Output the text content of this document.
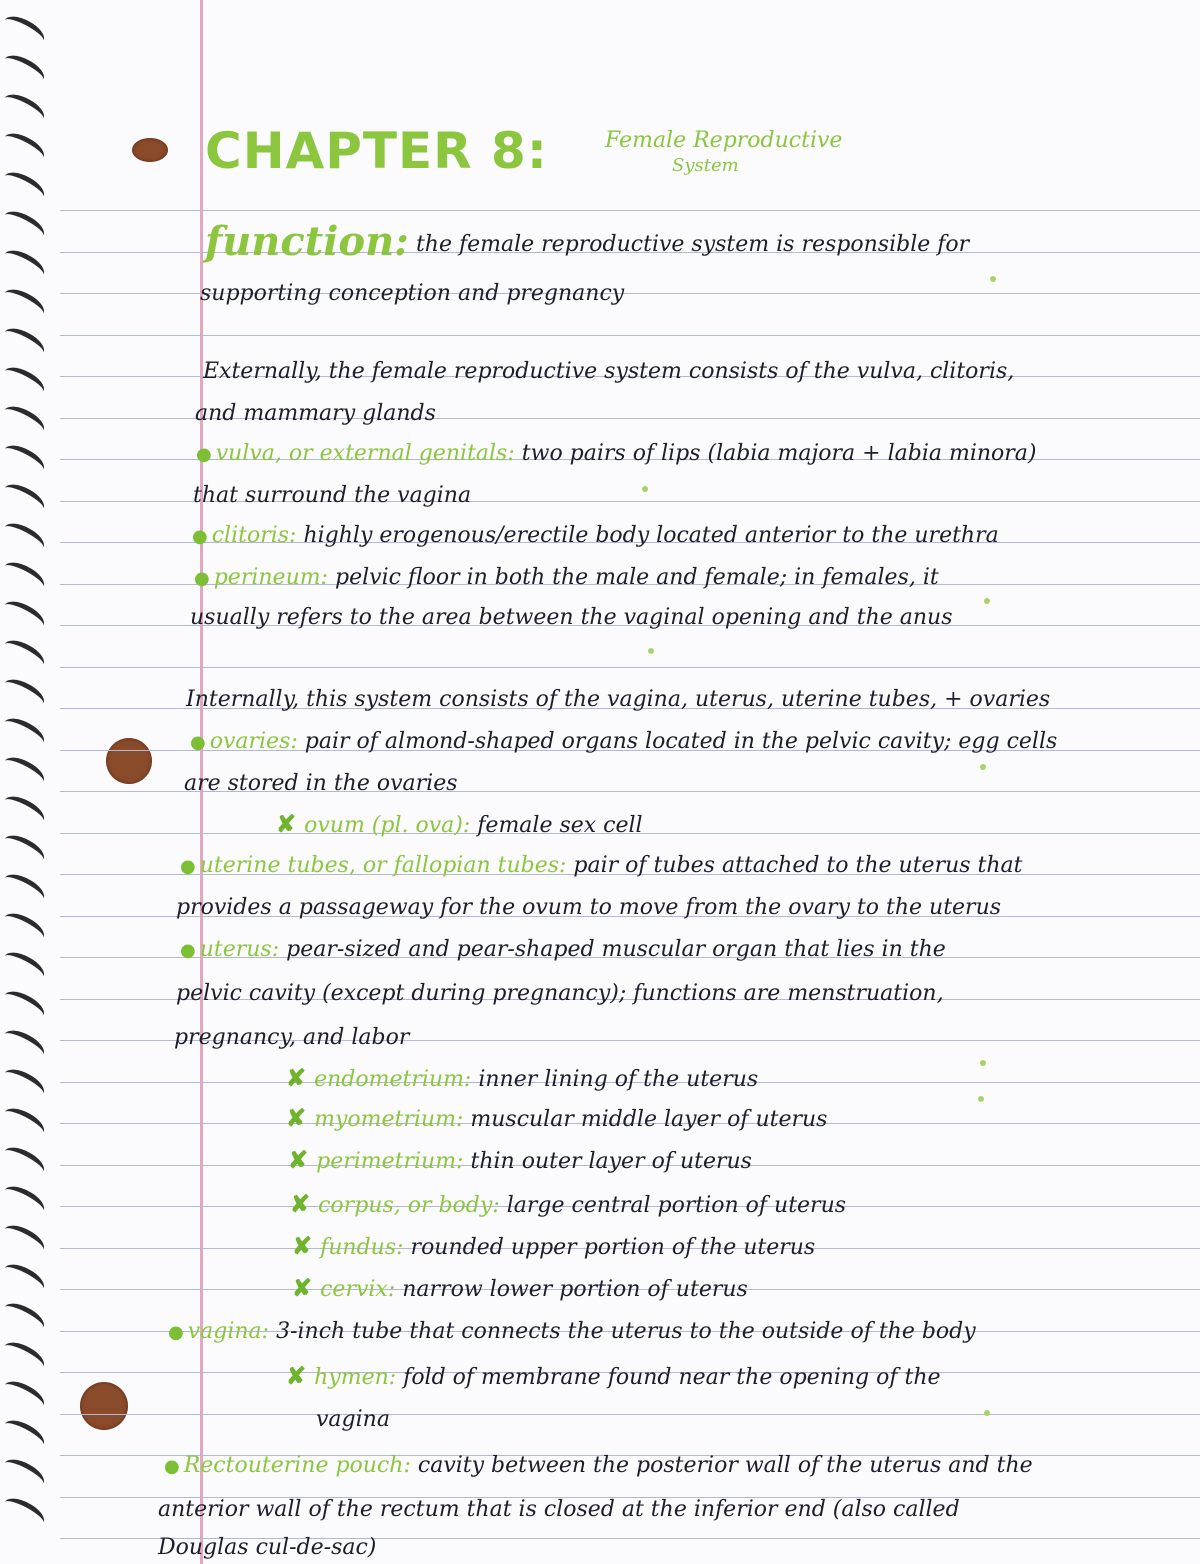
CHAPTER 8:	Female Reproductive
System
function: the female reproductive system is responsible for
supporting conception and pregnancy
Externally, the female reproductive system consists of the vulva, clitoris,
and mammary glands
● vulva, or external genitals: two pairs of lips (labia majora + labia minora)
that surround the vagina
● clitoris: highly erogenous/erectile body located anterior to the urethra
● perineum: pelvic floor in both the male and female; in females, it
usually refers to the area between the vaginal opening and the anus
Internally, this system consists of the vagina, uterus, uterine tubes, + ovaries
● ovaries: pair of almond-shaped organs located in the pelvic cavity; egg cells
are stored in the ovaries
✘ ovum (pl. ova): female sex cell
● uterine tubes, or fallopian tubes: pair of tubes attached to the uterus that
provides a passageway for the ovum to move from the ovary to the uterus
● uterus: pear-sized and pear-shaped muscular organ that lies in the
pelvic cavity (except during pregnancy); functions are menstruation,
pregnancy, and labor
✘ endometrium: inner lining of the uterus
✘ myometrium: muscular middle layer of uterus
✘ perimetrium: thin outer layer of uterus
✘ corpus, or body: large central portion of uterus
✘ fundus: rounded upper portion of the uterus
✘ cervix: narrow lower portion of uterus
● vagina: 3-inch tube that connects the uterus to the outside of the body
✘ hymen: fold of membrane found near the opening of the
vagina
● Rectouterine pouch: cavity between the posterior wall of the uterus and the
anterior wall of the rectum that is closed at the inferior end (also called
Douglas cul-de-sac)
